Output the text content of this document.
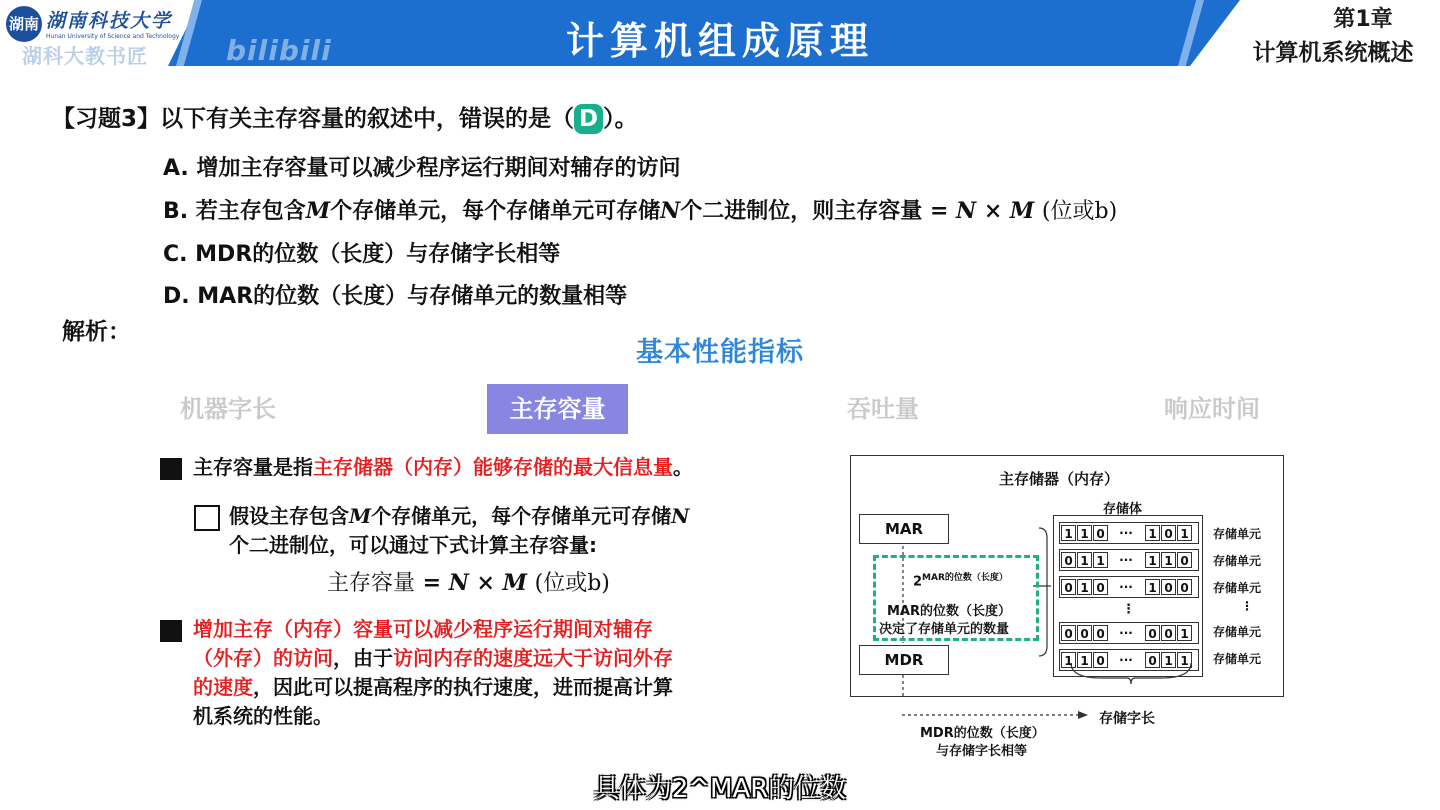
湖南 湖南科技大学
Hunan University of Science and Technology
湖科大教书匠	bilibili	计算机组成原理	第1章
计算机系统概述
【习题3】以下有关主存容量的叙述中，错误的是（ D ）。
A. 增加主存容量可以减少程序运行期间对辅存的访问
B. 若主存包含M个存储单元，每个存储单元可存储N个二进制位，则主存容量 = N × M (位或b)
C. MDR的位数（长度）与存储字长相等
D. MAR的位数（长度）与存储单元的数量相等
解析：
基本性能指标
机器字长	主存容量	吞吐量	响应时间
主存容量是指主存储器（内存）能够存储的最大信息量。
假设主存包含M个存储单元，每个存储单元可存储N
个二进制位，可以通过下式计算主存容量:
主存容量 = N × M (位或b)
增加主存（内存）容量可以减少程序运行期间对辅存
（外存）的访问，由于访问内存的速度远大于访问外存
的速度，因此可以提高程序的执行速度，进而提高计算
机系统的性能。
主存储器（内存）
存储体
MAR
MDR
$2^{MAR的位数(长度)}$
MAR的位数（长度）
决定了存储单元的数量
1 1 0	···	1 0 1
0 1 1	···	1 1 0
0 1 0	···	1 0 0
⋮
0 0 0	···	0 0 1
1 1 0	···	0 1 1
存储单元
存储单元
存储单元
⋮
存储单元
存储单元
存储字长
MDR的位数（长度）
与存储字长相等
具体为2^MAR的位数
